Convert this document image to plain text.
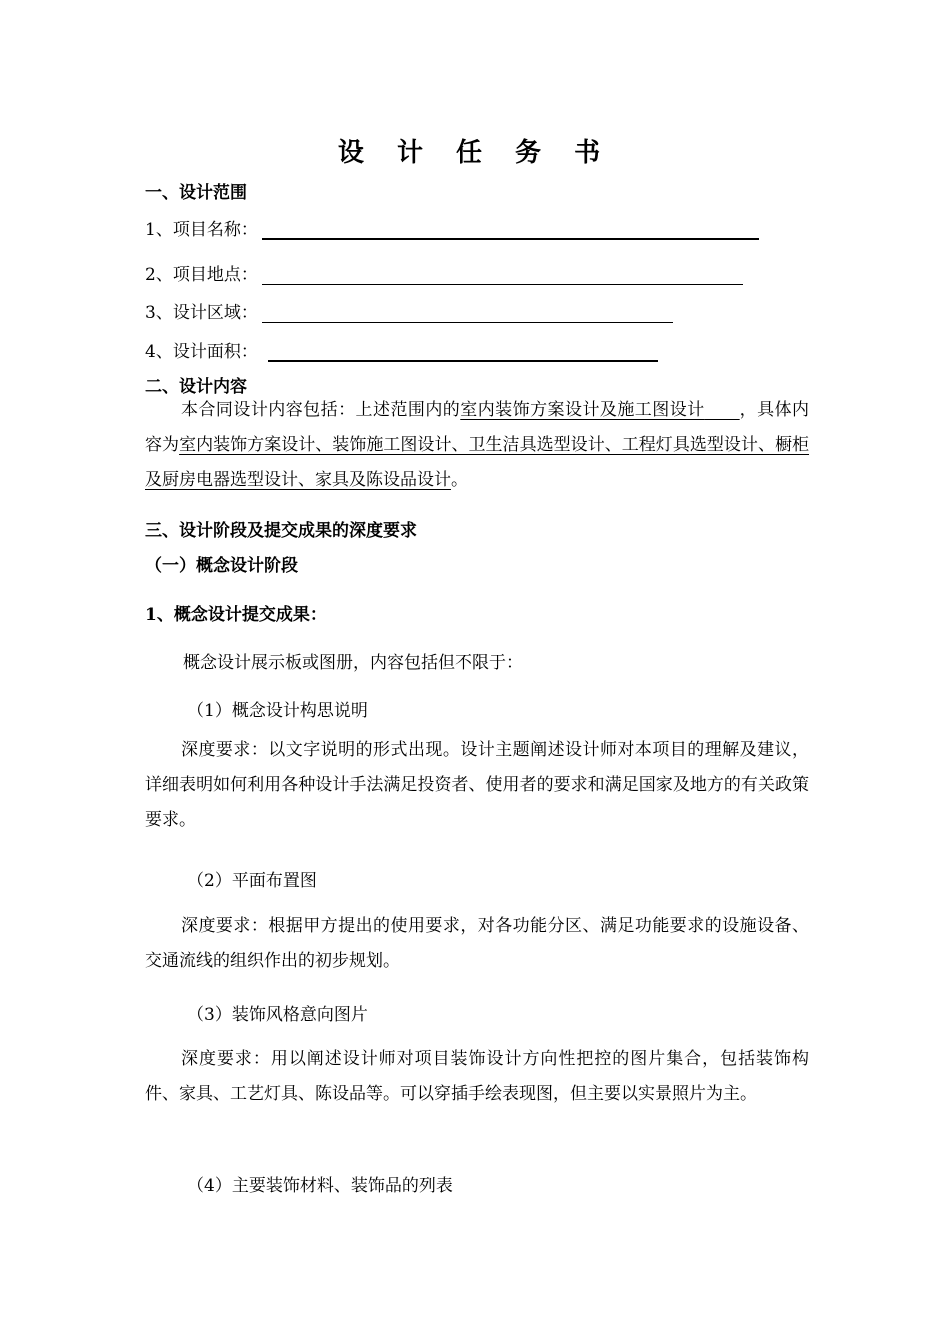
设 计 任 务 书
一、设计范围
1、项目名称：
2、项目地点：
3、设计区域：
4、设计面积：
二、设计内容
本合同设计内容包括：上述范围内的室内装饰方案设计及施工图设计　 ，具体内容为室内装饰方案设计、装饰施工图设计、卫生洁具选型设计、工程灯具选型设计、橱柜及厨房电器选型设计、家具及陈设品设计。
三、设计阶段及提交成果的深度要求
（一）概念设计阶段
1、概念设计提交成果：
概念设计展示板或图册，内容包括但不限于：
（1）概念设计构思说明
深度要求：以文字说明的形式出现。设计主题阐述设计师对本项目的理解及建议，详细表明如何利用各种设计手法满足投资者、使用者的要求和满足国家及地方的有关政策要求。
（2）平面布置图
深度要求：根据甲方提出的使用要求，对各功能分区、满足功能要求的设施设备、交通流线的组织作出的初步规划。
（3）装饰风格意向图片
深度要求：用以阐述设计师对项目装饰设计方向性把控的图片集合，包括装饰构件、家具、工艺灯具、陈设品等。可以穿插手绘表现图，但主要以实景照片为主。
（4）主要装饰材料、装饰品的列表
